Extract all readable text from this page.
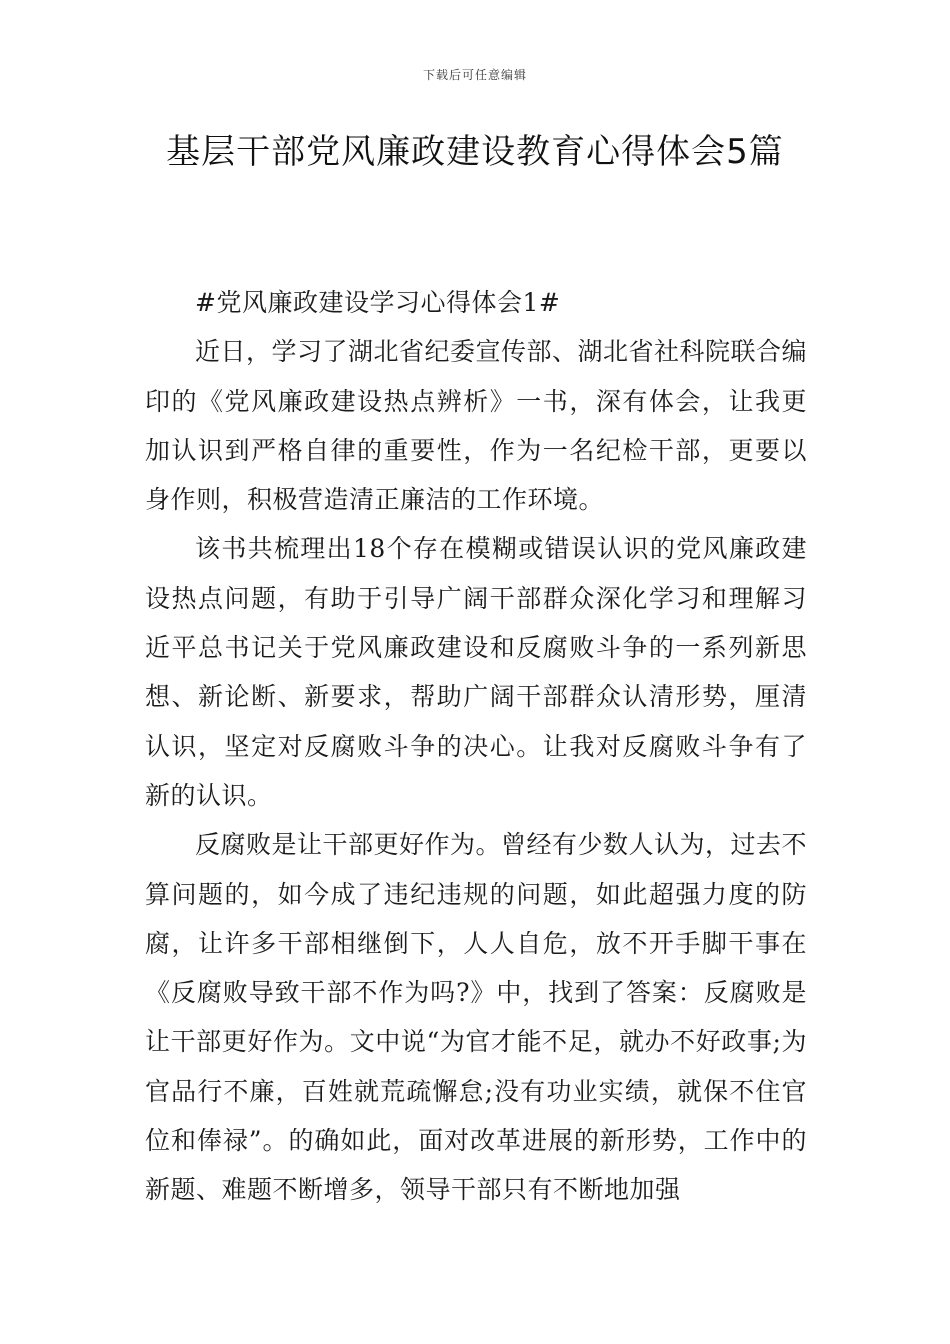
下载后可任意编辑
基层干部党风廉政建设教育心得体会5篇

#党风廉政建设学习心得体会1#

近日，学习了湖北省纪委宣传部、湖北省社科院联合编印的《党风廉政建设热点辨析》一书，深有体会，让我更加认识到严格自律的重要性，作为一名纪检干部，更要以身作则，积极营造清正廉洁的工作环境。

该书共梳理出18个存在模糊或错误认识的党风廉政建设热点问题，有助于引导广阔干部群众深化学习和理解习近平总书记关于党风廉政建设和反腐败斗争的一系列新思想、新论断、新要求，帮助广阔干部群众认清形势，厘清认识，坚定对反腐败斗争的决心。让我对反腐败斗争有了新的认识。

反腐败是让干部更好作为。曾经有少数人认为，过去不算问题的，如今成了违纪违规的问题，如此超强力度的防腐，让许多干部相继倒下，人人自危，放不开手脚干事在《反腐败导致干部不作为吗?》中，找到了答案：反腐败是让干部更好作为。文中说“为官才能不足，就办不好政事;为官品行不廉，百姓就荒疏懈怠;没有功业实绩，就保不住官位和俸禄”。的确如此，面对改革进展的新形势，工作中的新题、难题不断增多，领导干部只有不断地加强
